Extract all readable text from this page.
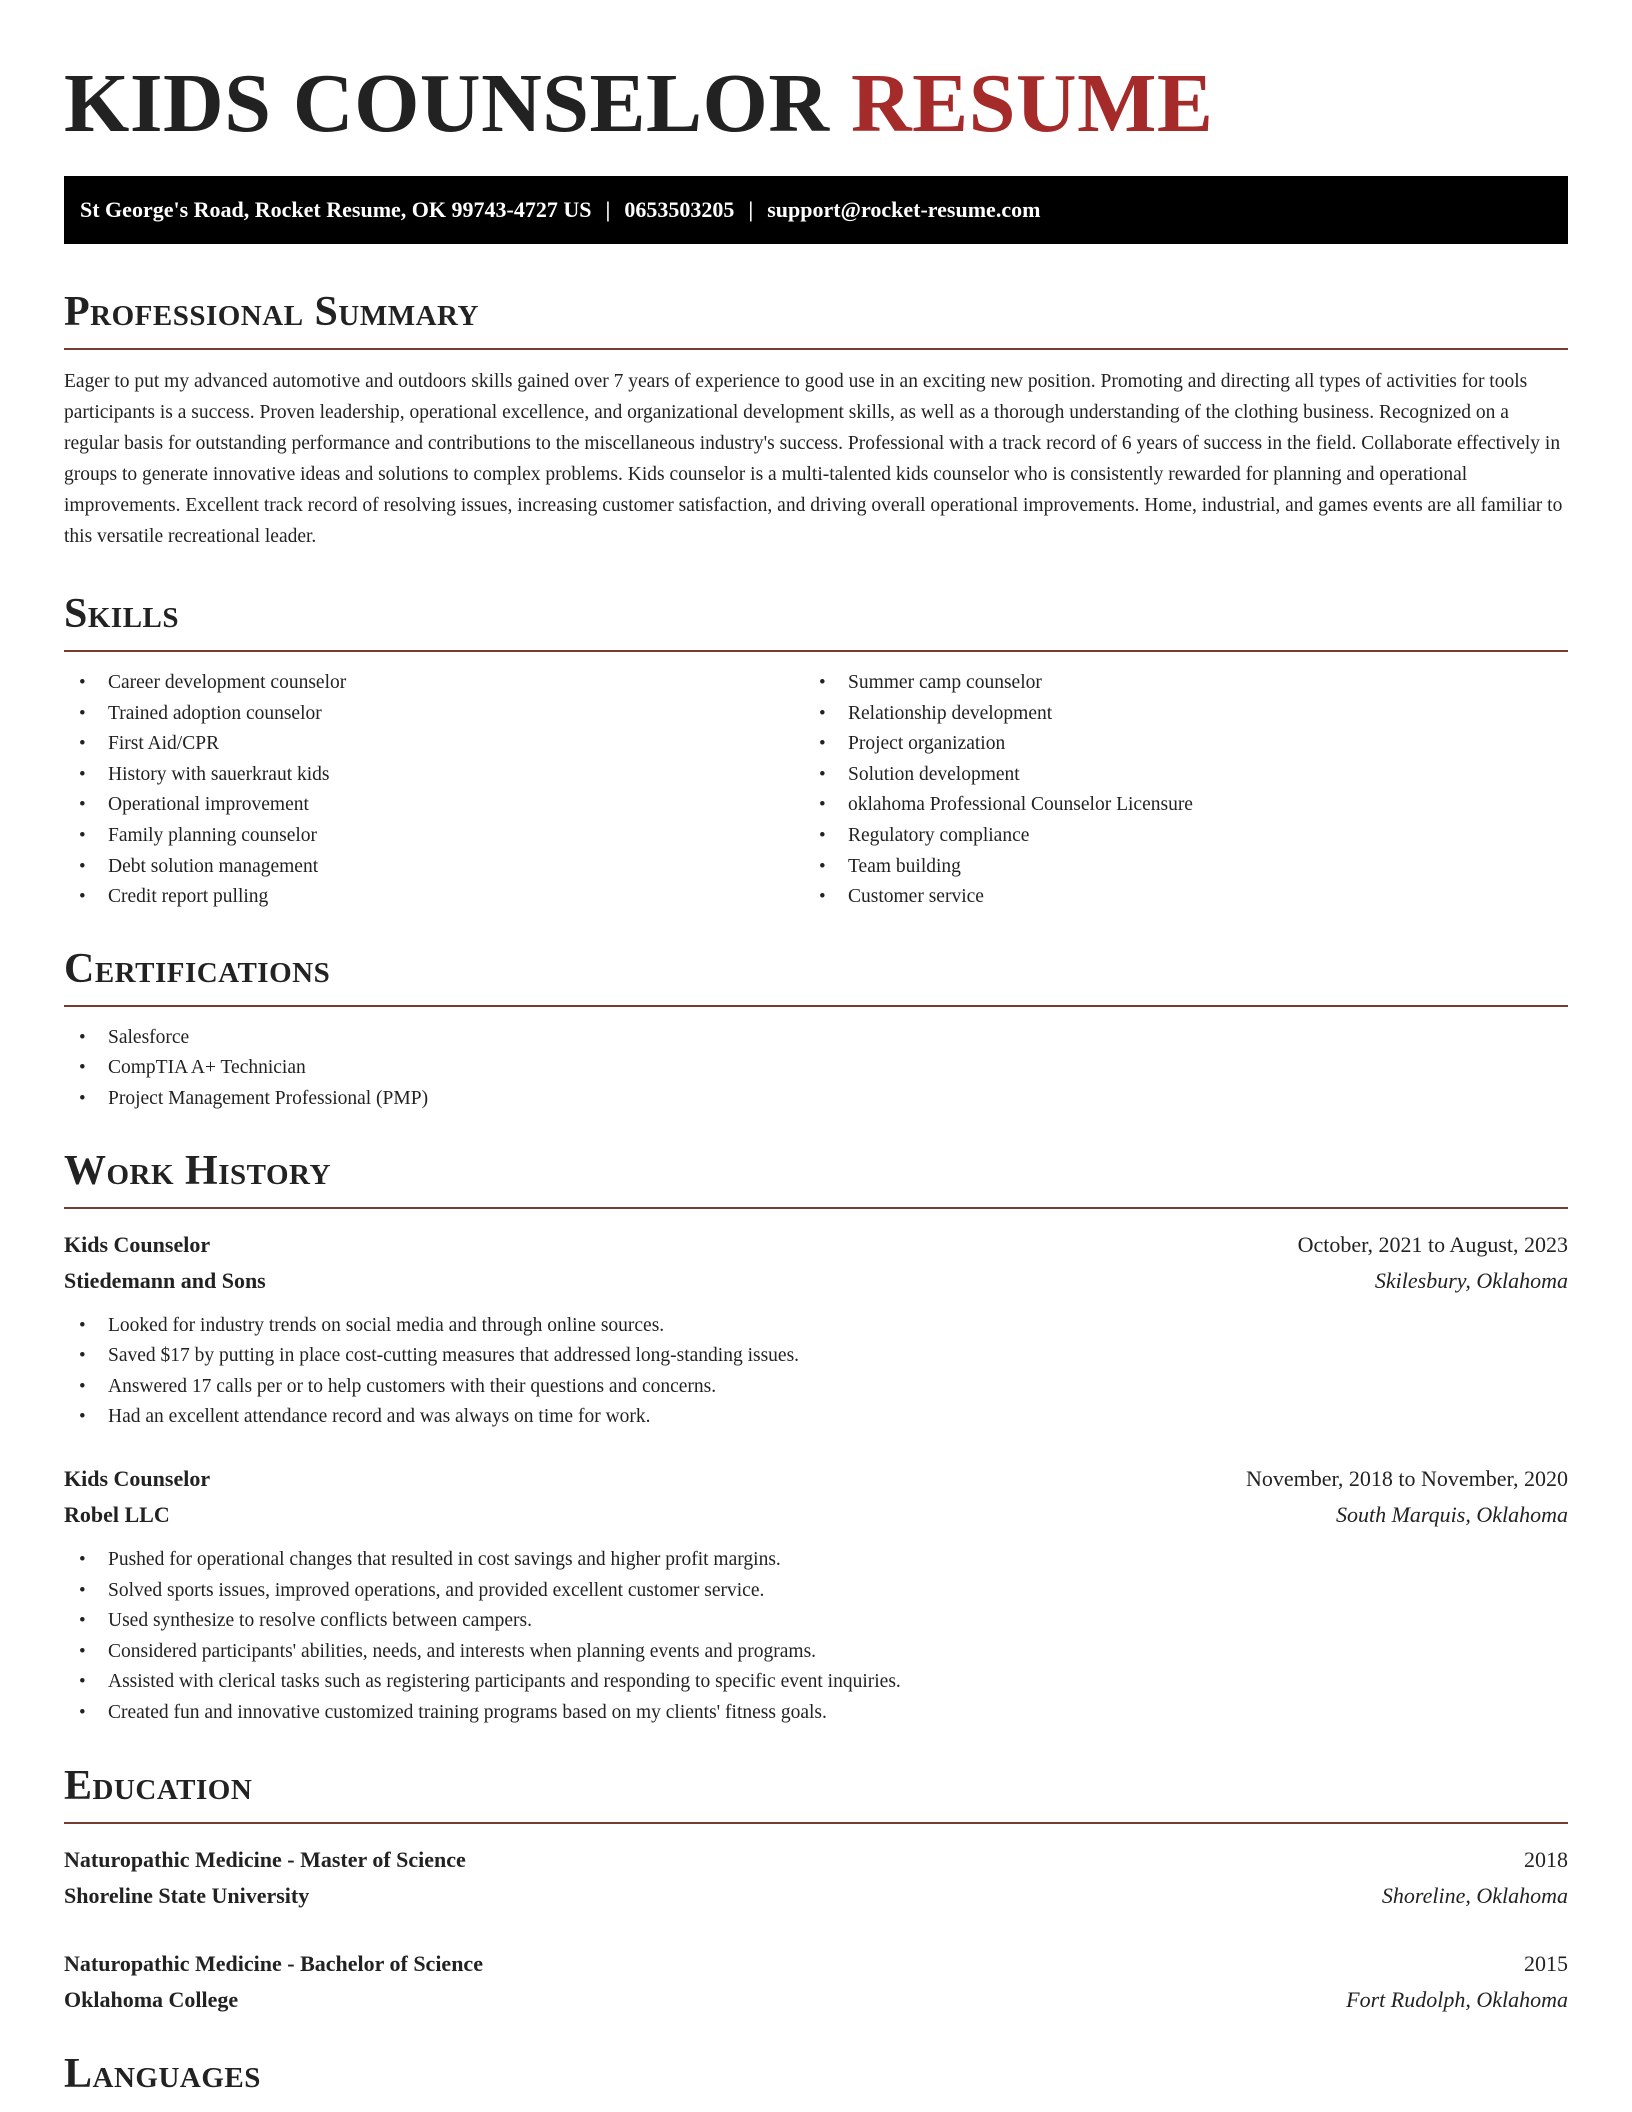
KIDS COUNSELOR RESUME
St George's Road, Rocket Resume, OK 99743-4727 US | 0653503205 | support@rocket-resume.com
Professional Summary

Eager to put my advanced automotive and outdoors skills gained over 7 years of experience to good use in an exciting new position. Promoting and directing all types of activities for tools participants is a success. Proven leadership, operational excellence, and organizational development skills, as well as a thorough understanding of the clothing business. Recognized on a regular basis for outstanding performance and contributions to the miscellaneous industry's success. Professional with a track record of 6 years of success in the field. Collaborate effectively in groups to generate innovative ideas and solutions to complex problems. Kids counselor is a multi-talented kids counselor who is consistently rewarded for planning and operational improvements. Excellent track record of resolving issues, increasing customer satisfaction, and driving overall operational improvements. Home, industrial, and games events are all familiar to this versatile recreational leader.

Skills
• Career development counselor
• Trained adoption counselor
• First Aid/CPR
• History with sauerkraut kids
• Operational improvement
• Family planning counselor
• Debt solution management
• Credit report pulling
• Summer camp counselor
• Relationship development
• Project organization
• Solution development
• oklahoma Professional Counselor Licensure
• Regulatory compliance
• Team building
• Customer service
Certifications
• Salesforce
• CompTIA A+ Technician
• Project Management Professional (PMP)
Work History
Kids Counselor	October, 2021 to August, 2023
Stiedemann and Sons	Skilesbury, Oklahoma
• Looked for industry trends on social media and through online sources.
• Saved $17 by putting in place cost-cutting measures that addressed long-standing issues.
• Answered 17 calls per or to help customers with their questions and concerns.
• Had an excellent attendance record and was always on time for work.
Kids Counselor	November, 2018 to November, 2020
Robel LLC	South Marquis, Oklahoma
• Pushed for operational changes that resulted in cost savings and higher profit margins.
• Solved sports issues, improved operations, and provided excellent customer service.
• Used synthesize to resolve conflicts between campers.
• Considered participants' abilities, needs, and interests when planning events and programs.
• Assisted with clerical tasks such as registering participants and responding to specific event inquiries.
• Created fun and innovative customized training programs based on my clients' fitness goals.
Education
Naturopathic Medicine - Master of Science	2018
Shoreline State University	Shoreline, Oklahoma
Naturopathic Medicine - Bachelor of Science	2015
Oklahoma College	Fort Rudolph, Oklahoma
Languages
